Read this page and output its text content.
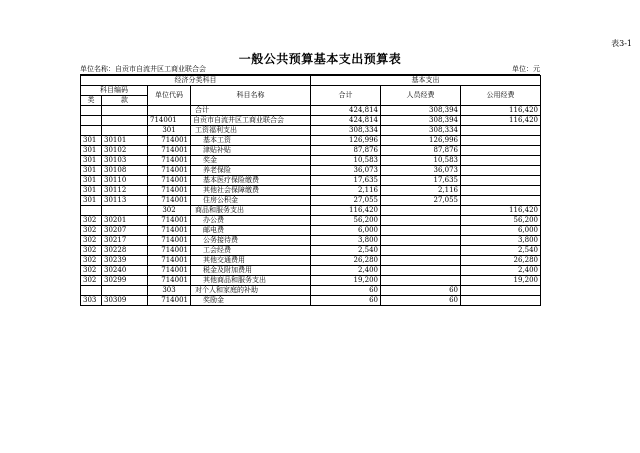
表3-1
一般公共预算基本支出预算表
单位名称：自贡市自流井区工商业联合会	单位：元
经济分类科目				基本支出		
科目编码		单位代码	科目名称	合计	人员经费	公用经费
类	款					
			合计	424,814	308,394	116,420
		714001	自贡市自流井区工商业联合会	424,814	308,394	116,420
		301	工资福利支出	308,334	308,334	
301	30101	714001	基本工资	126,996	126,996	
301	30102	714001	津贴补贴	87,876	87,876	
301	30103	714001	奖金	10,583	10,583	
301	30108	714001	养老保险	36,073	36,073	
301	30110	714001	基本医疗保险缴费	17,635	17,635	
301	30112	714001	其他社会保障缴费	2,116	2,116	
301	30113	714001	住房公积金	27,055	27,055	
		302	商品和服务支出	116,420		116,420
302	30201	714001	办公费	56,200		56,200
302	30207	714001	邮电费	6,000		6,000
302	30217	714001	公务接待费	3,800		3,800
302	30228	714001	工会经费	2,540		2,540
302	30239	714001	其他交通费用	26,280		26,280
302	30240	714001	税金及附加费用	2,400		2,400
302	30299	714001	其他商品和服务支出	19,200		19,200
		303	对个人和家庭的补助	60	60	
303	30309	714001	奖励金	60	60	
